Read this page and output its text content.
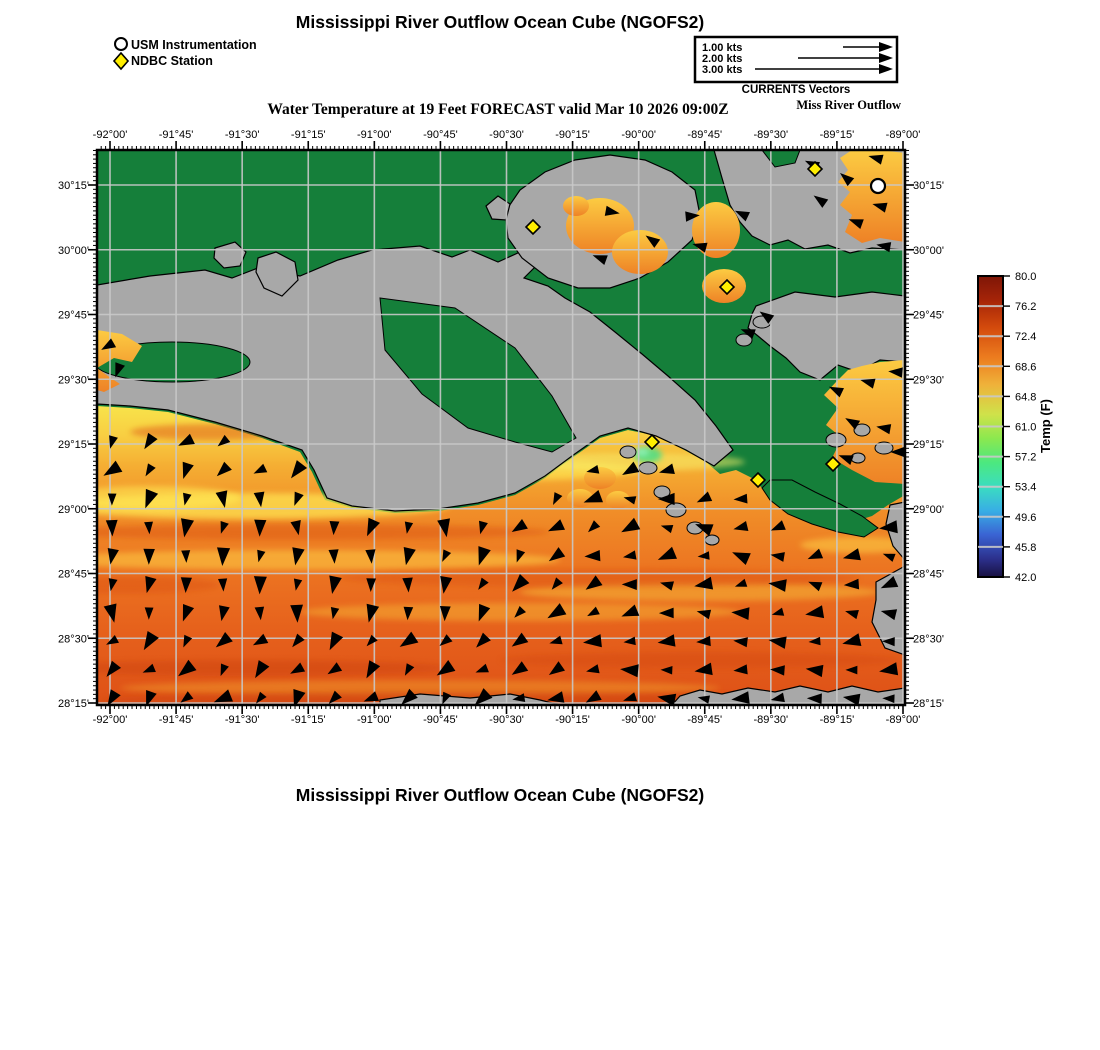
Mississippi River Outflow Ocean Cube (NGOFS2)
USM Instrumentation
NDBC Station
1.00 kts
2.00 kts
3.00 kts
CURRENTS Vectors
Water Temperature at 19 Feet FORECAST valid Mar 10 2026 09:00Z	Miss River Outflow
-92°00'
-92°00'
-91°45'
-91°45'
-91°30'
-91°30'
-91°15'
-91°15'
-91°00'
-91°00'
-90°45'
-90°45'
-90°30'
-90°30'
-90°15'
-90°15'
-90°00'
-90°00'
-89°45'
-89°45'
-89°30'
-89°30'
-89°15'
-89°15'
-89°00'
-89°00'
30°15'	30°15'
30°00'	30°00'
29°45'	29°45'
29°30'	29°30'
29°15'	29°15'
29°00'	29°00'
28°45'	28°45'
28°30'	28°30'
28°15'	28°15'
80.0
76.2
72.4
68.6
64.8
61.0
57.2
53.4
49.6
45.8
42.0
Temp (F)
Mississippi River Outflow Ocean Cube (NGOFS2)
